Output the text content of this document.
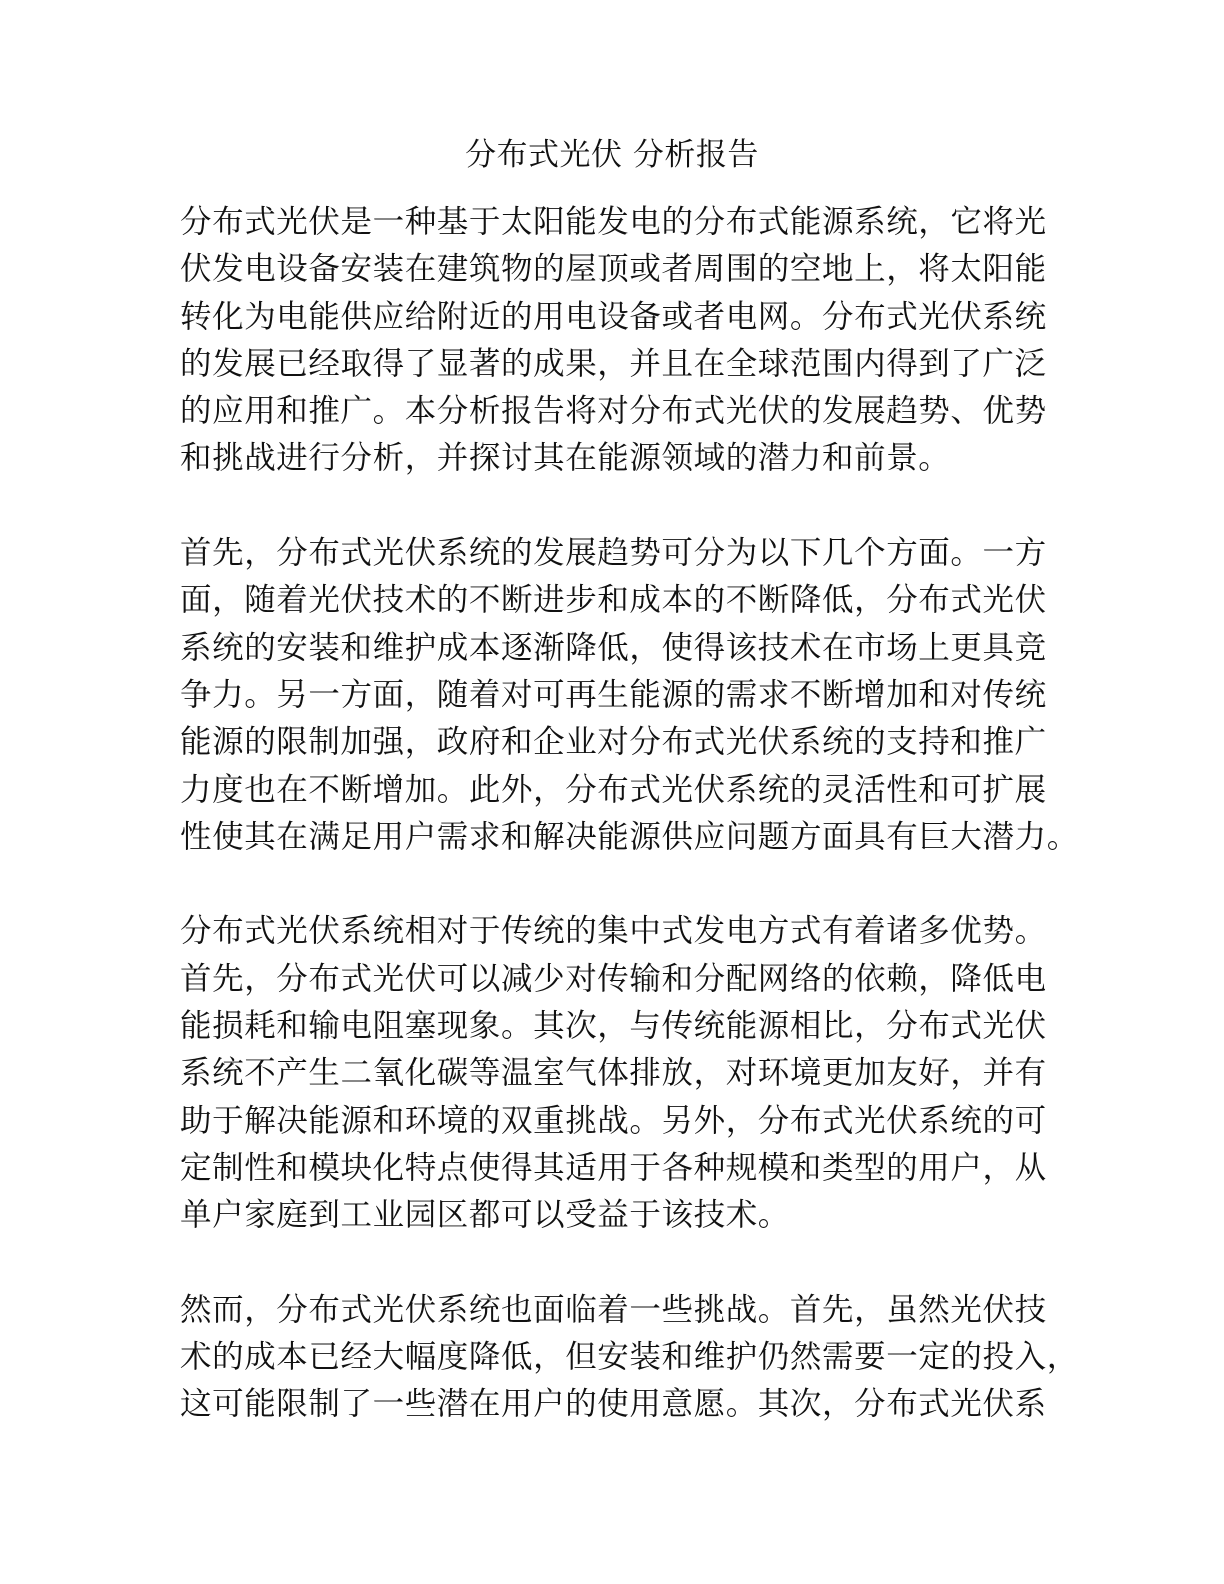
分布式光伏 分析报告
分布式光伏是一种基于太阳能发电的分布式能源系统，它将光
伏发电设备安装在建筑物的屋顶或者周围的空地上，将太阳能
转化为电能供应给附近的用电设备或者电网。分布式光伏系统
的发展已经取得了显著的成果，并且在全球范围内得到了广泛
的应用和推广。本分析报告将对分布式光伏的发展趋势、优势
和挑战进行分析，并探讨其在能源领域的潜力和前景。
首先，分布式光伏系统的发展趋势可分为以下几个方面。一方
面，随着光伏技术的不断进步和成本的不断降低，分布式光伏
系统的安装和维护成本逐渐降低，使得该技术在市场上更具竞
争力。另一方面，随着对可再生能源的需求不断增加和对传统
能源的限制加强，政府和企业对分布式光伏系统的支持和推广
力度也在不断增加。此外，分布式光伏系统的灵活性和可扩展
性使其在满足用户需求和解决能源供应问题方面具有巨大潜力。
分布式光伏系统相对于传统的集中式发电方式有着诸多优势。
首先，分布式光伏可以减少对传输和分配网络的依赖，降低电
能损耗和输电阻塞现象。其次，与传统能源相比，分布式光伏
系统不产生二氧化碳等温室气体排放，对环境更加友好，并有
助于解决能源和环境的双重挑战。另外，分布式光伏系统的可
定制性和模块化特点使得其适用于各种规模和类型的用户，从
单户家庭到工业园区都可以受益于该技术。
然而，分布式光伏系统也面临着一些挑战。首先，虽然光伏技
术的成本已经大幅度降低，但安装和维护仍然需要一定的投入，
这可能限制了一些潜在用户的使用意愿。其次，分布式光伏系
